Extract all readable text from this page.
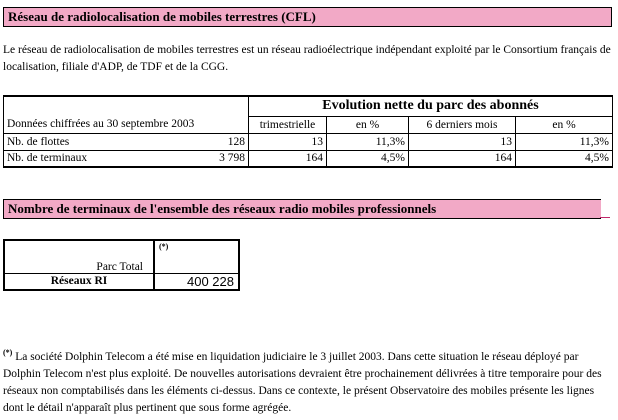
Réseau de radiolocalisation de mobiles terrestres (CFL)
Le réseau de radiolocalisation de mobiles terrestres est un réseau radioélectrique indépendant exploité par le Consortium français de localisation, filiale d'ADP, de TDF et de la CGG.
	Evolution nette du parc des abonnés			
Données chiffrées au 30 septembre 2003	trimestrielle	en %	6 derniers mois	en %

Nb. de flottes 128	13	11,3%	13	11,3%

Nb. de terminaux 3 798	164	4,5%	164	4,5%
Nombre de terminaux de l'ensemble des réseaux radio mobiles professionnels
Parc Total	(*)
Réseaux RI	400 228
(*) La société Dolphin Telecom a été mise en liquidation judiciaire le 3 juillet 2003. Dans cette situation le réseau déployé par Dolphin Telecom n'est plus exploité. De nouvelles autorisations devraient être prochainement délivrées à titre temporaire pour des réseaux non comptabilisés dans les éléments ci-dessus. Dans ce contexte, le présent Observatoire des mobiles présente les lignes dont le détail n'apparaît plus pertinent que sous forme agrégée.
